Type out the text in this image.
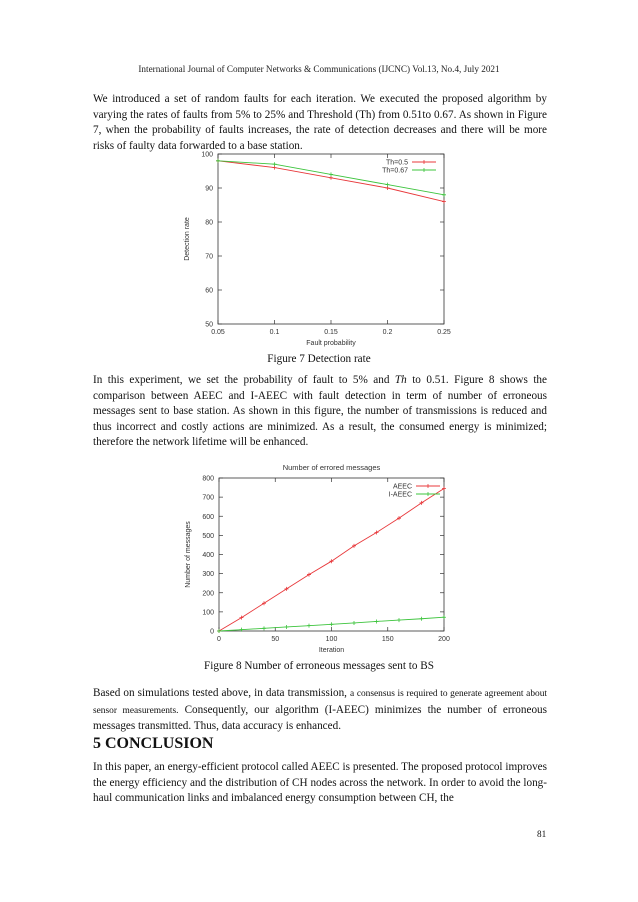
International Journal of Computer Networks & Communications (IJCNC) Vol.13, No.4, July 2021

We introduced a set of random faults for each iteration. We executed the proposed algorithm by varying the rates of faults from 5% to 25% and Threshold (Th) from 0.51to 0.67. As shown in Figure 7, when the probability of faults increases, the rate of detection decreases and there will be more risks of faulty data forwarded to a base station.

0.05	0.1	0.15	0.2	0.25
50
60
70
80
90
100
Fault probability
Detection rate
Th=0.5
Th=0.67
Figure 7 Detection rate

In this experiment, we set the probability of fault to 5% and Th to 0.51. Figure 8 shows the comparison between AEEC and I-AEEC with fault detection in term of number of erroneous messages sent to base station. As shown in this figure, the number of transmissions is reduced and thus incorrect and costly actions are minimized. As a result, the consumed energy is minimized; therefore the network lifetime will be enhanced.

0	50	100	150	200
0
100
200
300
400
500
600
700
800
Iteration
Number of messages
Number of errored messages
AEEC
I-AEEC
Figure 8 Number of erroneous messages sent to BS

Based on simulations tested above, in data transmission, a consensus is required to generate agreement about sensor measurements. Consequently, our algorithm (I-AEEC) minimizes the number of erroneous messages transmitted. Thus, data accuracy is enhanced.

5 CONCLUSION

In this paper, an energy-efficient protocol called AEEC is presented. The proposed protocol improves the energy efficiency and the distribution of CH nodes across the network. In order to avoid the long-haul communication links and imbalanced energy consumption between CH, the

81
